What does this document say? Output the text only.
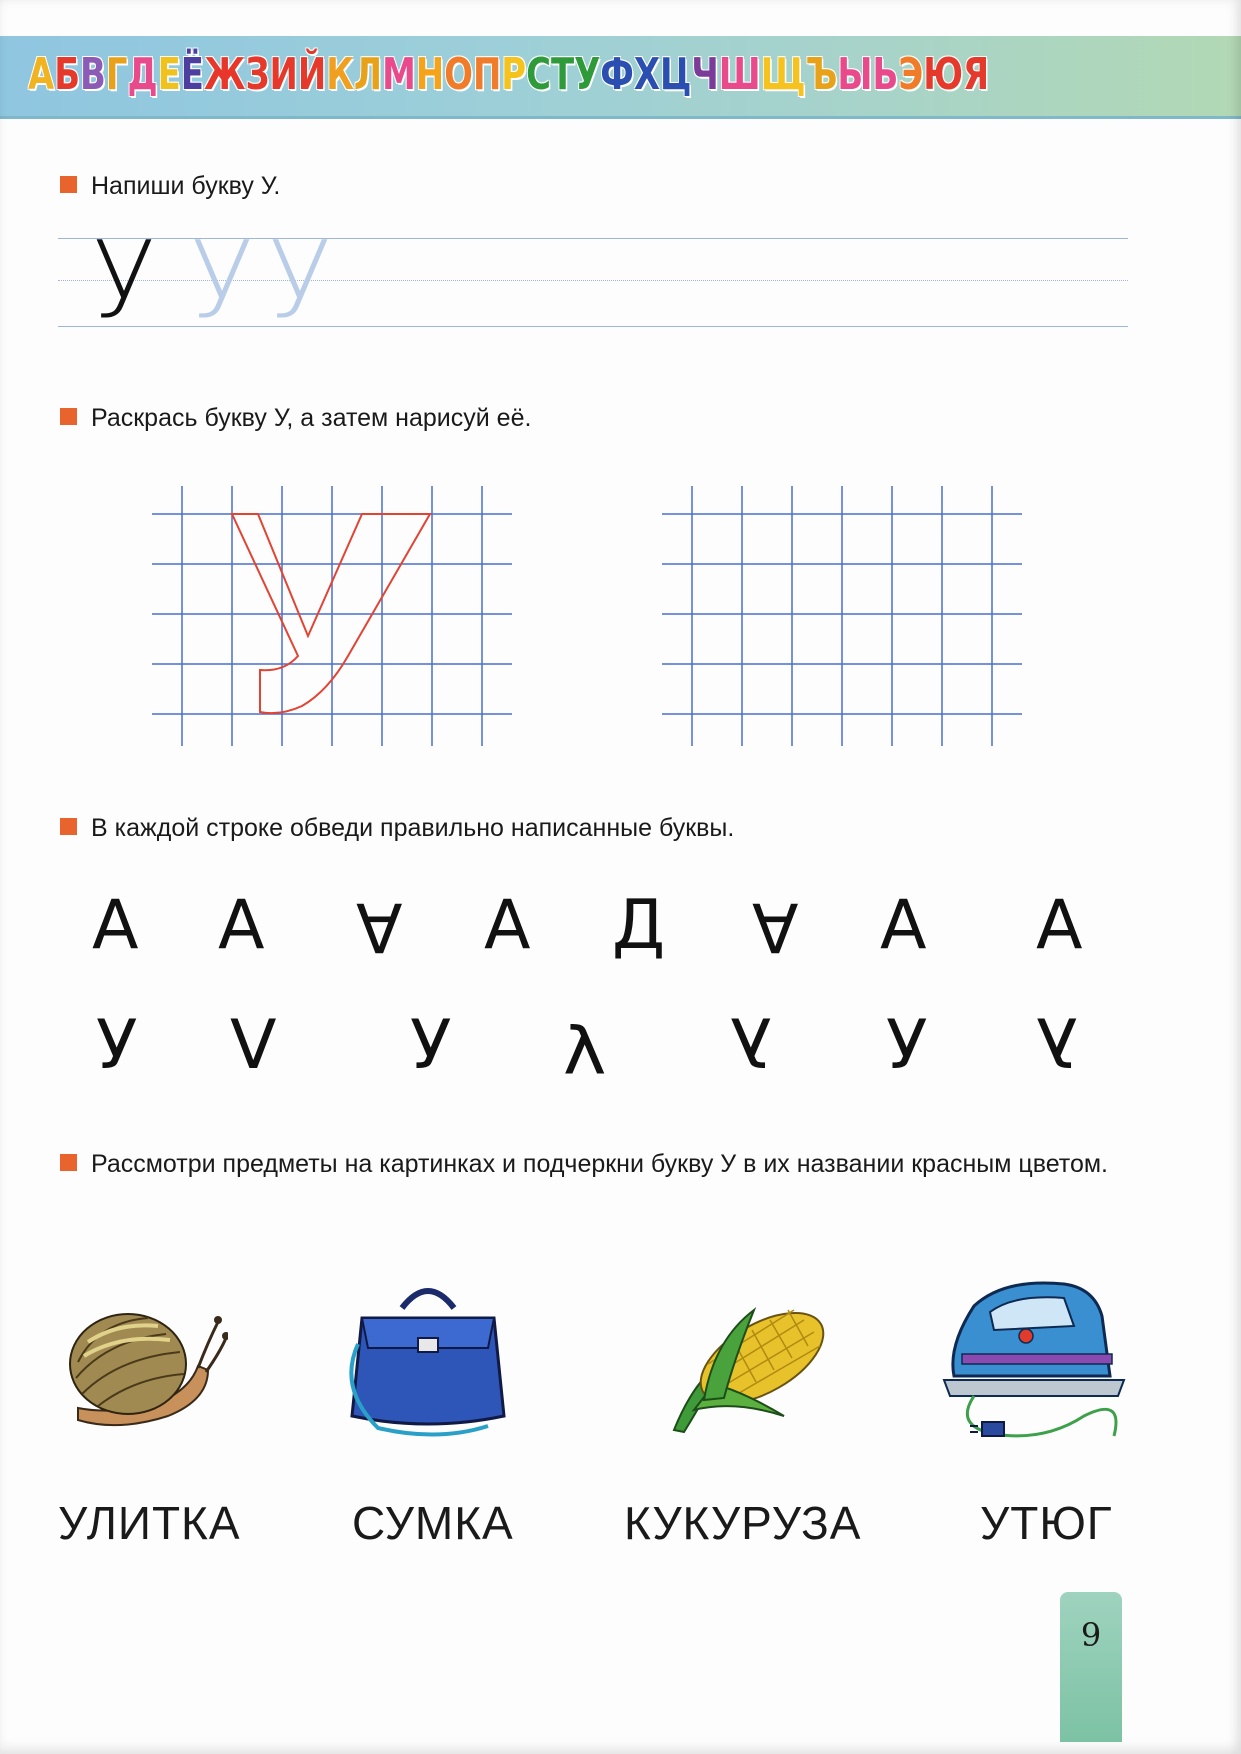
АБВГДЕЁЖЗИЙКЛМНОПРСТУФХЦЧШЩЪЫЬЭЮЯ
Напиши букву У.
У У У
Раскрась букву У, а затем нарисуй её.
В каждой строке обведи правильно написанные буквы.
A A A A Д A A A
У V У У У У У
Рассмотри предметы на картинках и подчеркни букву У в их названии красным цветом.
УЛИТКА СУМКА КУКУРУЗА	УТЮГ
9
